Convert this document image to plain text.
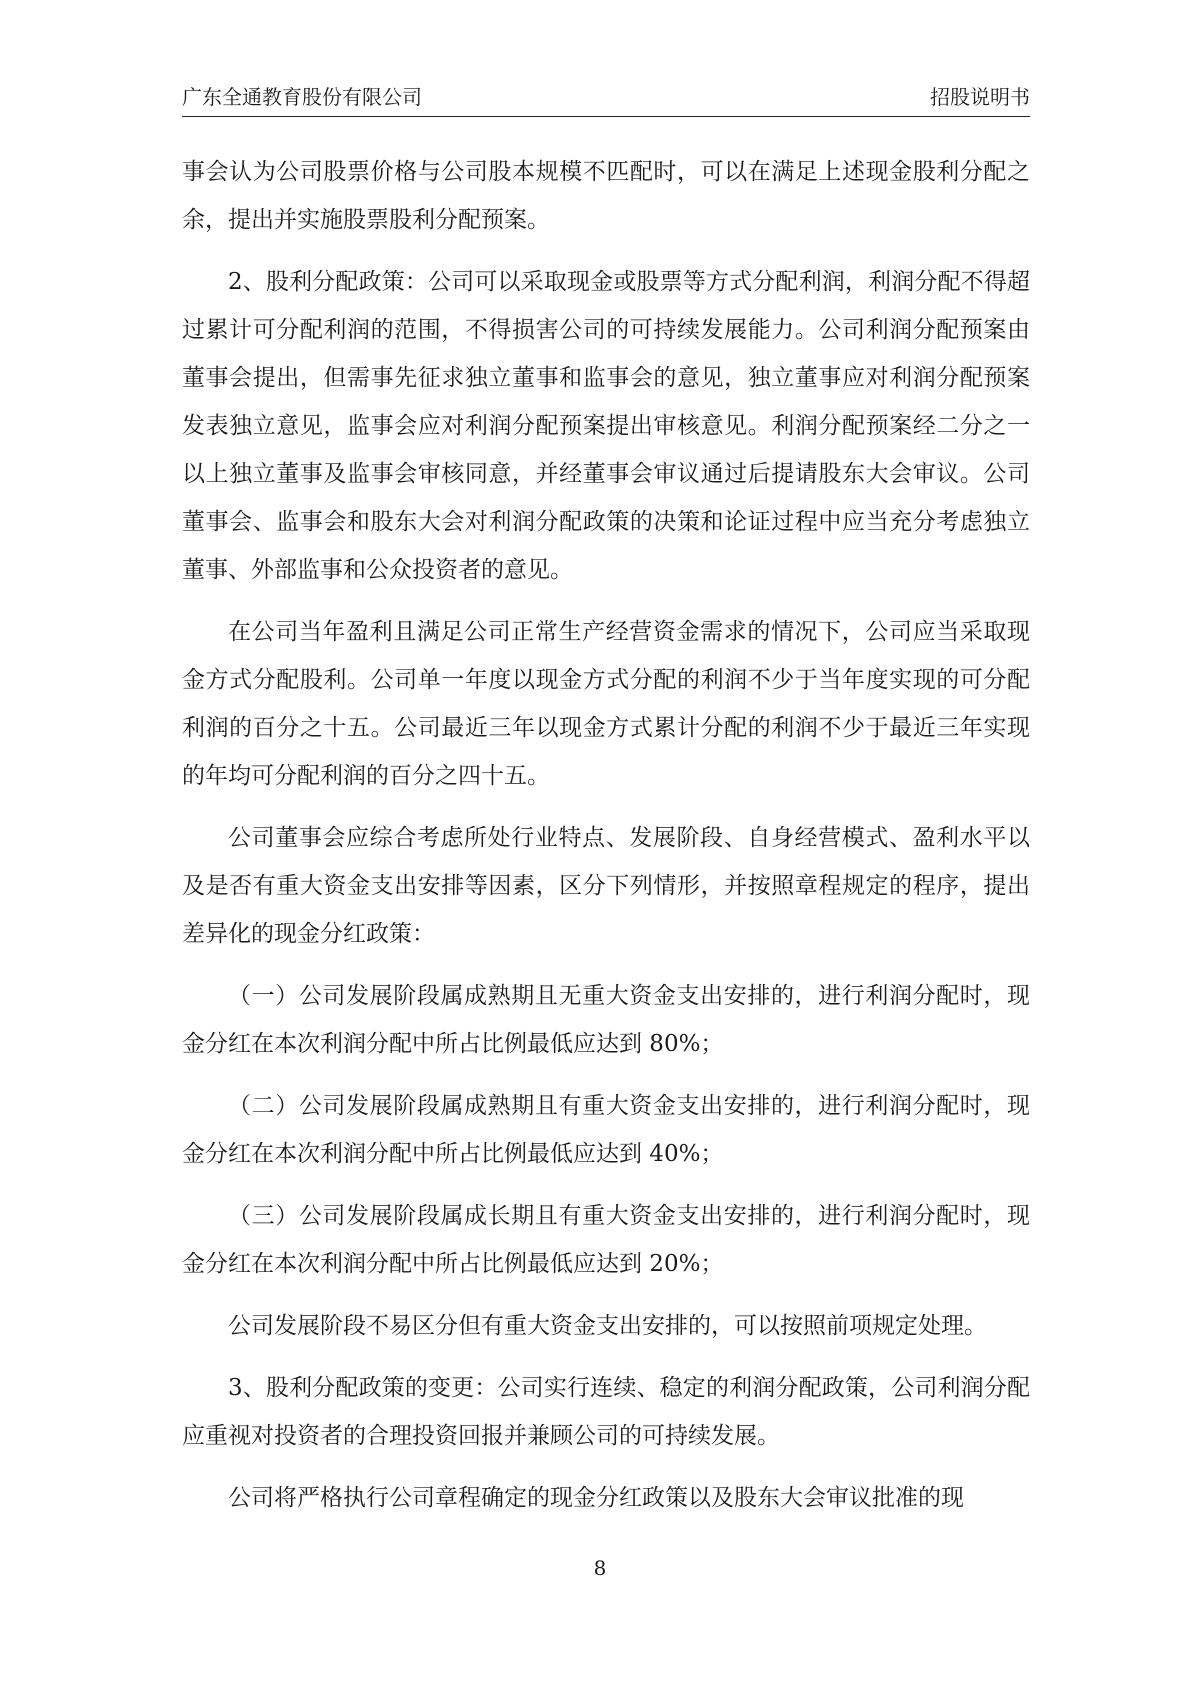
广东全通教育股份有限公司	招股说明书

事会认为公司股票价格与公司股本规模不匹配时，可以在满足上述现金股利分配之余，提出并实施股票股利分配预案。

2、股利分配政策：公司可以采取现金或股票等方式分配利润，利润分配不得超过累计可分配利润的范围，不得损害公司的可持续发展能力。公司利润分配预案由董事会提出，但需事先征求独立董事和监事会的意见，独立董事应对利润分配预案发表独立意见，监事会应对利润分配预案提出审核意见。利润分配预案经二分之一以上独立董事及监事会审核同意，并经董事会审议通过后提请股东大会审议。公司董事会、监事会和股东大会对利润分配政策的决策和论证过程中应当充分考虑独立董事、外部监事和公众投资者的意见。

在公司当年盈利且满足公司正常生产经营资金需求的情况下，公司应当采取现金方式分配股利。公司单一年度以现金方式分配的利润不少于当年度实现的可分配利润的百分之十五。公司最近三年以现金方式累计分配的利润不少于最近三年实现的年均可分配利润的百分之四十五。

公司董事会应综合考虑所处行业特点、发展阶段、自身经营模式、盈利水平以及是否有重大资金支出安排等因素，区分下列情形，并按照章程规定的程序，提出差异化的现金分红政策：

（一）公司发展阶段属成熟期且无重大资金支出安排的，进行利润分配时，现金分红在本次利润分配中所占比例最低应达到 80%；

（二）公司发展阶段属成熟期且有重大资金支出安排的，进行利润分配时，现金分红在本次利润分配中所占比例最低应达到 40%；

（三）公司发展阶段属成长期且有重大资金支出安排的，进行利润分配时，现金分红在本次利润分配中所占比例最低应达到 20%；

公司发展阶段不易区分但有重大资金支出安排的，可以按照前项规定处理。

3、股利分配政策的变更：公司实行连续、稳定的利润分配政策，公司利润分配应重视对投资者的合理投资回报并兼顾公司的可持续发展。

公司将严格执行公司章程确定的现金分红政策以及股东大会审议批准的现

8
